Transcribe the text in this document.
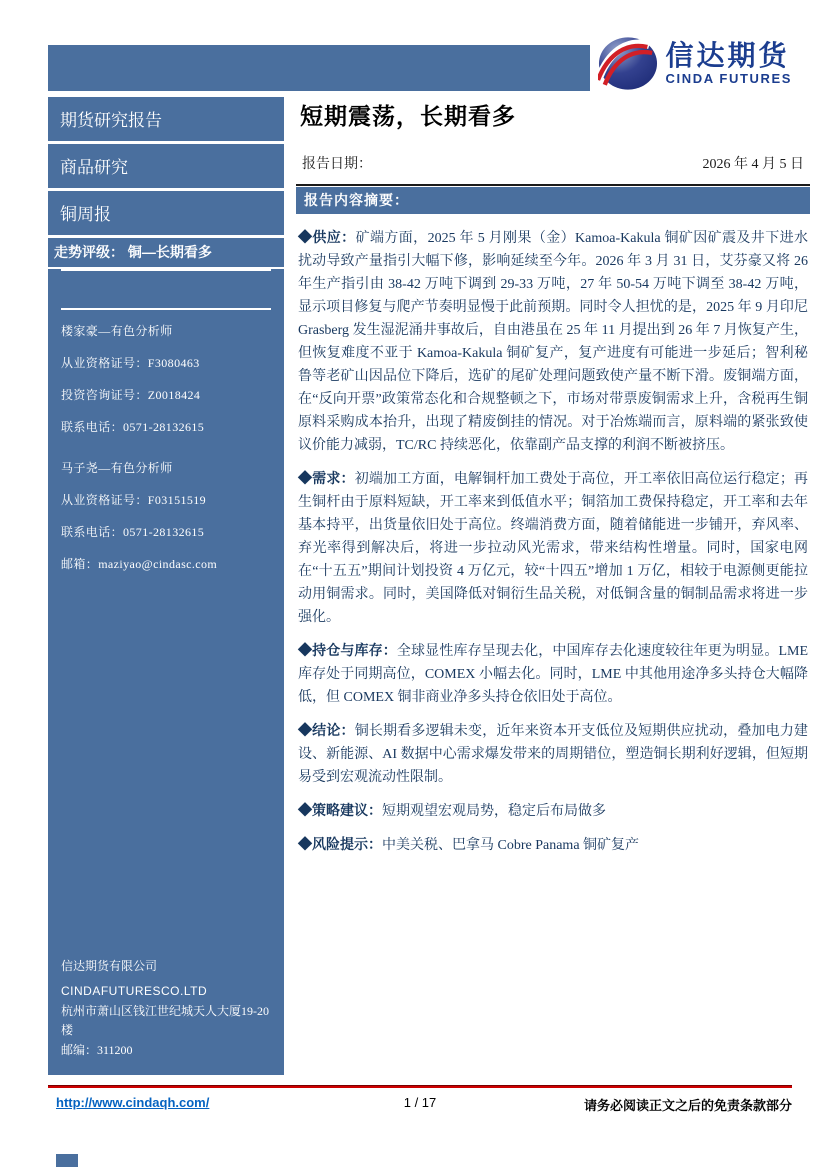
信达期货
CINDA FUTURES
期货研究报告
商品研究
铜周报
走势评级： 铜—长期看多
楼家豪—有色分析师
从业资格证号：F3080463
投资咨询证号：Z0018424
联系电话：0571-28132615
马子尧—有色分析师
从业资格证号：F03151519
联系电话：0571-28132615
邮箱：maziyao@cindasc.com
信达期货有限公司
CINDAFUTURESCO.LTD
杭州市萧山区钱江世纪城天人大厦19-20楼
邮编：311200
短期震荡，长期看多
报告日期：	2026 年 4 月 5 日
报告内容摘要：

◆供应：矿端方面，2025 年 5 月刚果（金）Kamoa-Kakula 铜矿因矿震及井下进水扰动导致产量指引大幅下修，影响延续至今年。2026 年 3 月 31 日，艾芬豪又将 26 年生产指引由 38-42 万吨下调到 29-33 万吨，27 年 50-54 万吨下调至 38-42 万吨，显示项目修复与爬产节奏明显慢于此前预期。同时令人担忧的是，2025 年 9 月印尼 Grasberg 发生湿泥涌井事故后，自由港虽在 25 年 11 月提出到 26 年 7 月恢复产生，但恢复难度不亚于 Kamoa-Kakula 铜矿复产，复产进度有可能进一步延后；智利秘鲁等老矿山因品位下降后，选矿的尾矿处理问题致使产量不断下滑。废铜端方面，在“反向开票”政策常态化和合规整顿之下，市场对带票废铜需求上升，含税再生铜原料采购成本抬升，出现了精废倒挂的情况。对于冶炼端而言，原料端的紧张致使议价能力减弱，TC/RC 持续恶化，依靠副产品支撑的利润不断被挤压。

◆需求：初端加工方面，电解铜杆加工费处于高位，开工率依旧高位运行稳定；再生铜杆由于原料短缺，开工率来到低值水平；铜箔加工费保持稳定，开工率和去年基本持平，出货量依旧处于高位。终端消费方面，随着储能进一步铺开，弃风率、弃光率得到解决后，将进一步拉动风光需求，带来结构性增量。同时，国家电网在“十五五”期间计划投资 4 万亿元，较“十四五”增加 1 万亿，相较于电源侧更能拉动用铜需求。同时，美国降低对铜衍生品关税，对低铜含量的铜制品需求将进一步强化。

◆持仓与库存：全球显性库存呈现去化，中国库存去化速度较往年更为明显。LME 库存处于同期高位，COMEX 小幅去化。同时，LME 中其他用途净多头持仓大幅降低，但 COMEX 铜非商业净多头持仓依旧处于高位。

◆结论：铜长期看多逻辑未变，近年来资本开支低位及短期供应扰动，叠加电力建设、新能源、AI 数据中心需求爆发带来的周期错位，塑造铜长期利好逻辑，但短期易受到宏观流动性限制。

◆策略建议：短期观望宏观局势，稳定后布局做多

◆风险提示：中美关税、巴拿马 Cobre Panama 铜矿复产

http://www.cindaqh.com/	1 / 17	请务必阅读正文之后的免责条款部分
